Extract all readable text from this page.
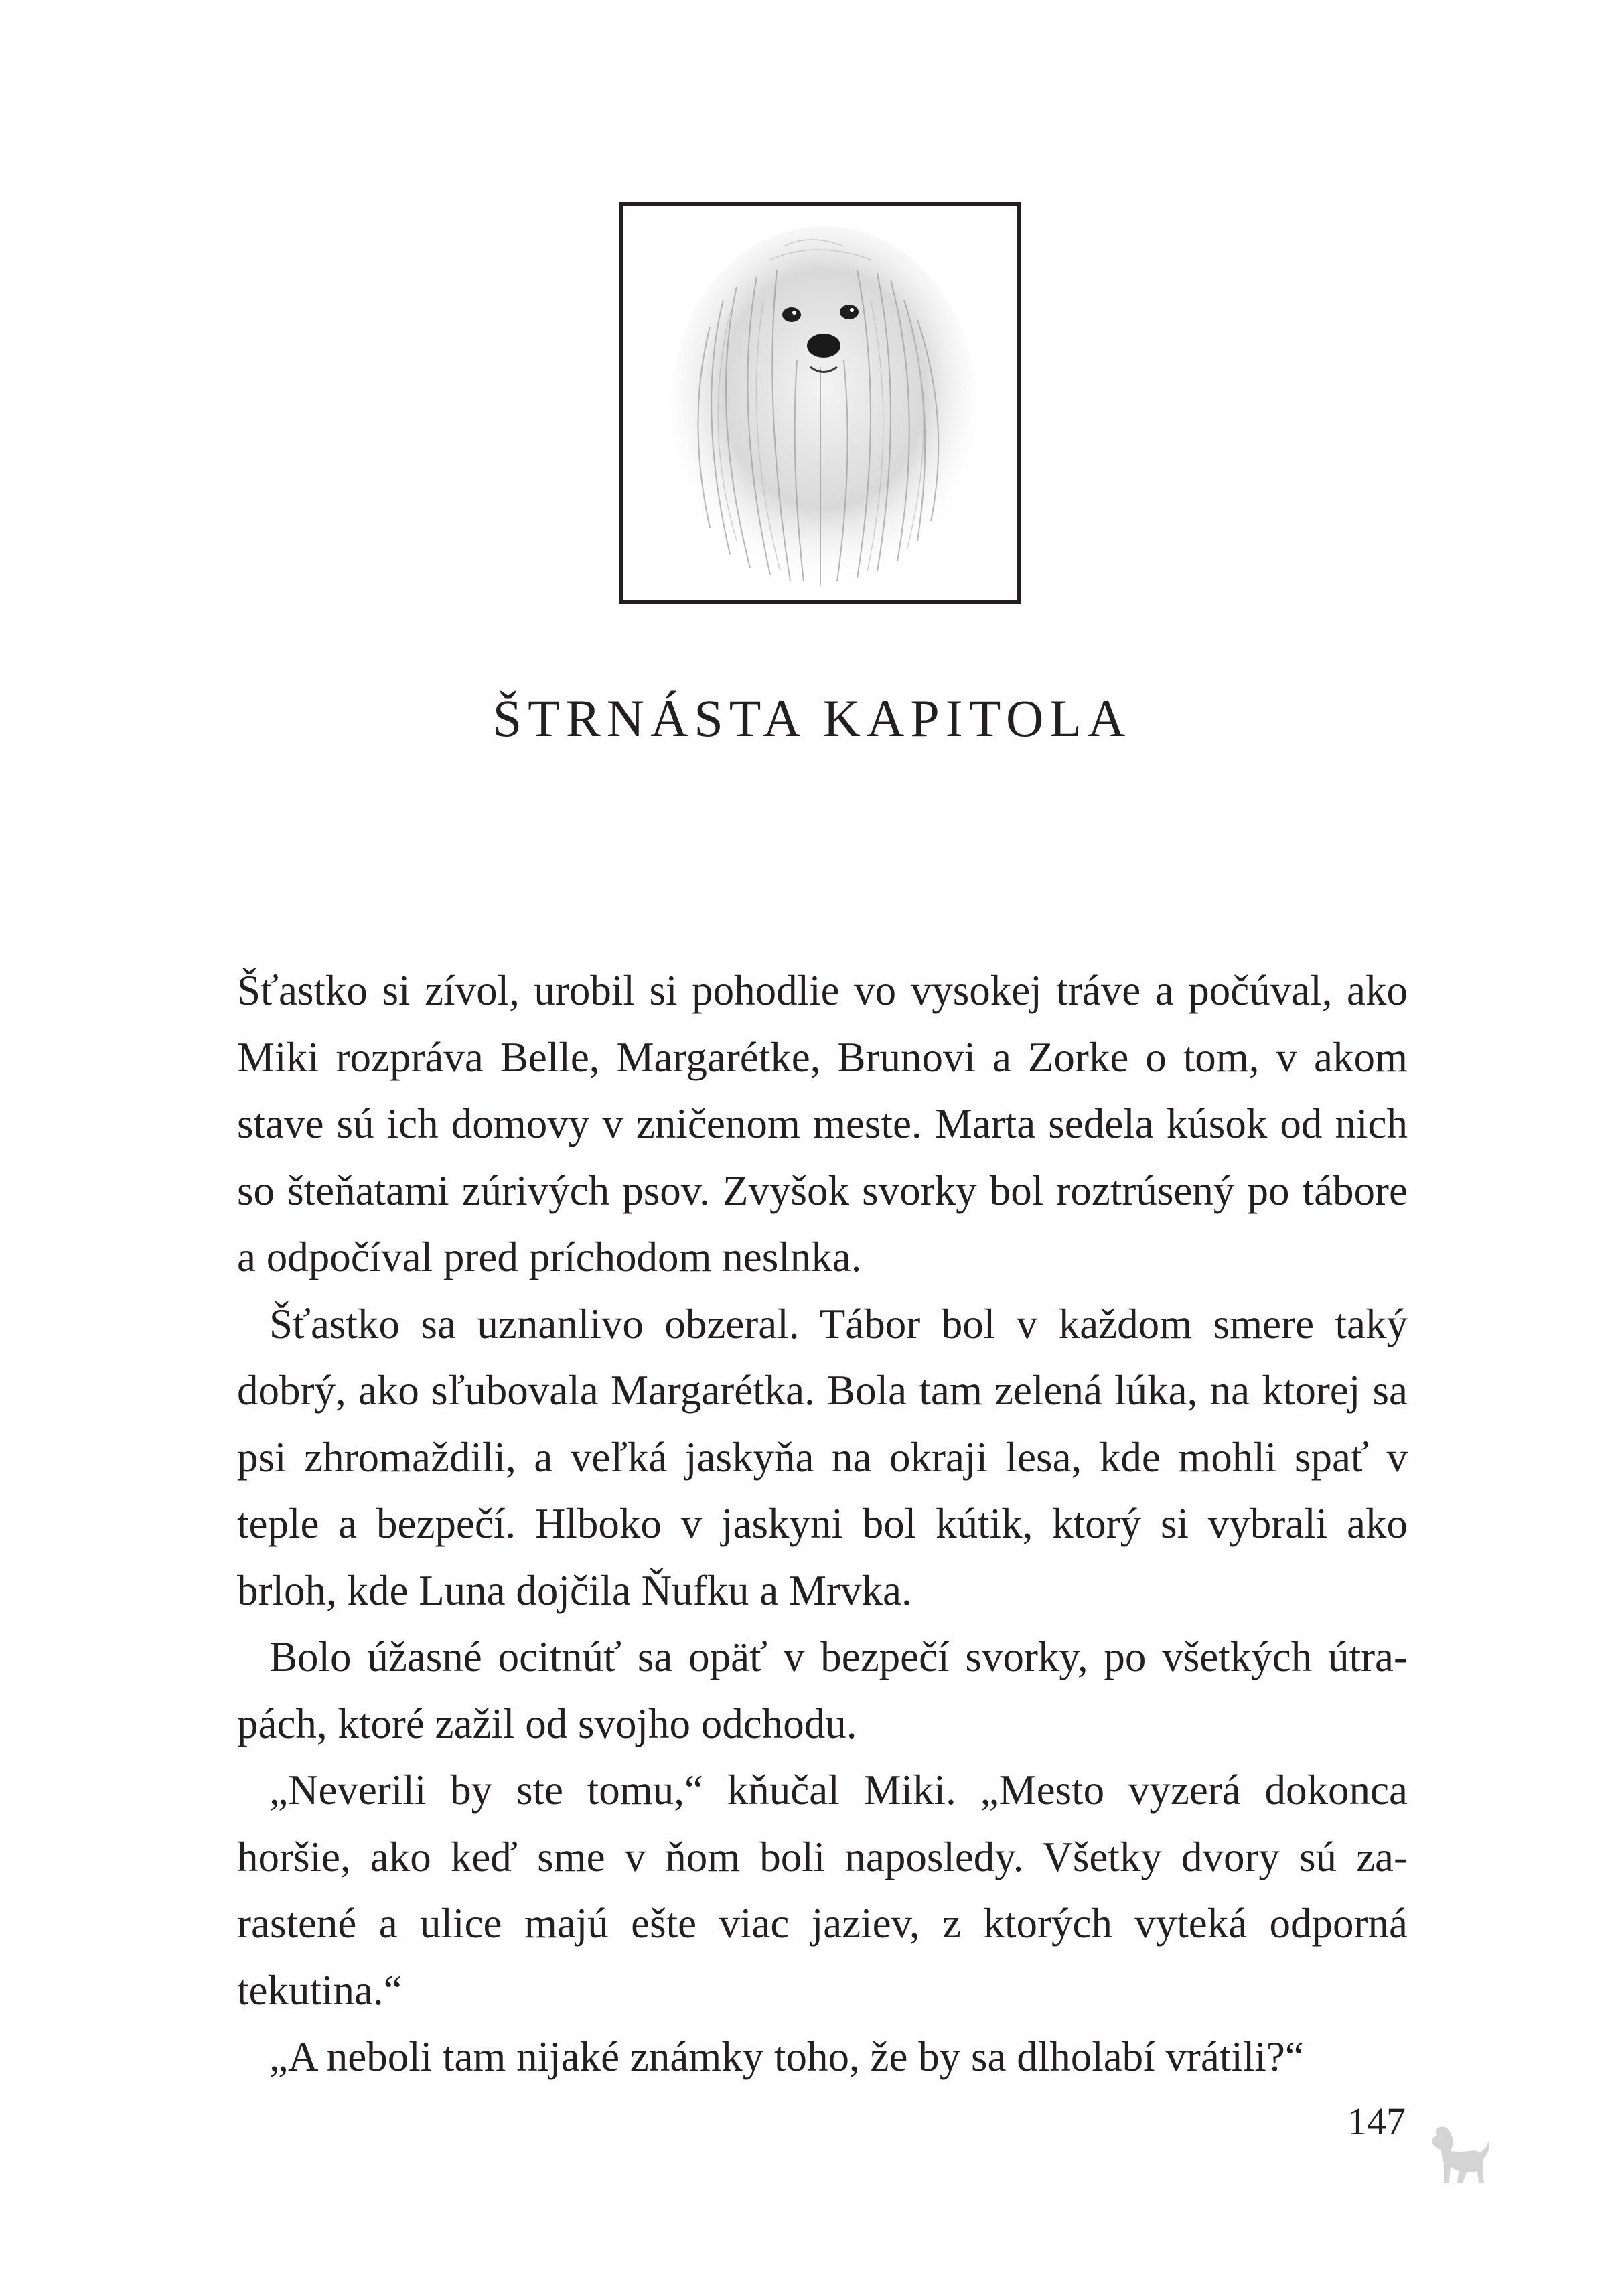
ŠTRNÁSTA KAPITOLA

Šťastko si zívol, urobil si pohodlie vo vysokej tráve a počúval, ako Miki rozpráva Belle, Margarétke, Brunovi a Zorke o tom, v akom stave sú ich domovy v zničenom meste. Marta sedela kúsok od nich so šteňatami zúrivých psov. Zvyšok svorky bol roztrúsený po tábore a odpočíval pred príchodom neslnka.

Šťastko sa uznanlivo obzeral. Tábor bol v každom smere taký dobrý, ako sľubovala Margarétka. Bola tam zelená lúka, na ktorej sa psi zhromaždili, a veľká jaskyňa na okraji lesa, kde mohli spať v teple a bezpečí. Hlboko v jaskyni bol kútik, ktorý si vybrali ako brloh, kde Luna dojčila Ňufku a Mrvka.

Bolo úžasné ocitnúť sa opäť v bezpečí svorky, po všetkých útrapách, ktoré zažil od svojho odchodu.

„Neverili by ste tomu,“ kňučal Miki. „Mesto vyzerá dokonca horšie, ako keď sme v ňom boli naposledy. Všetky dvory sú zarastené a ulice majú ešte viac jaziev, z ktorých vyteká odporná tekutina.“

„A neboli tam nijaké známky toho, že by sa dlholabí vrátili?“

147
